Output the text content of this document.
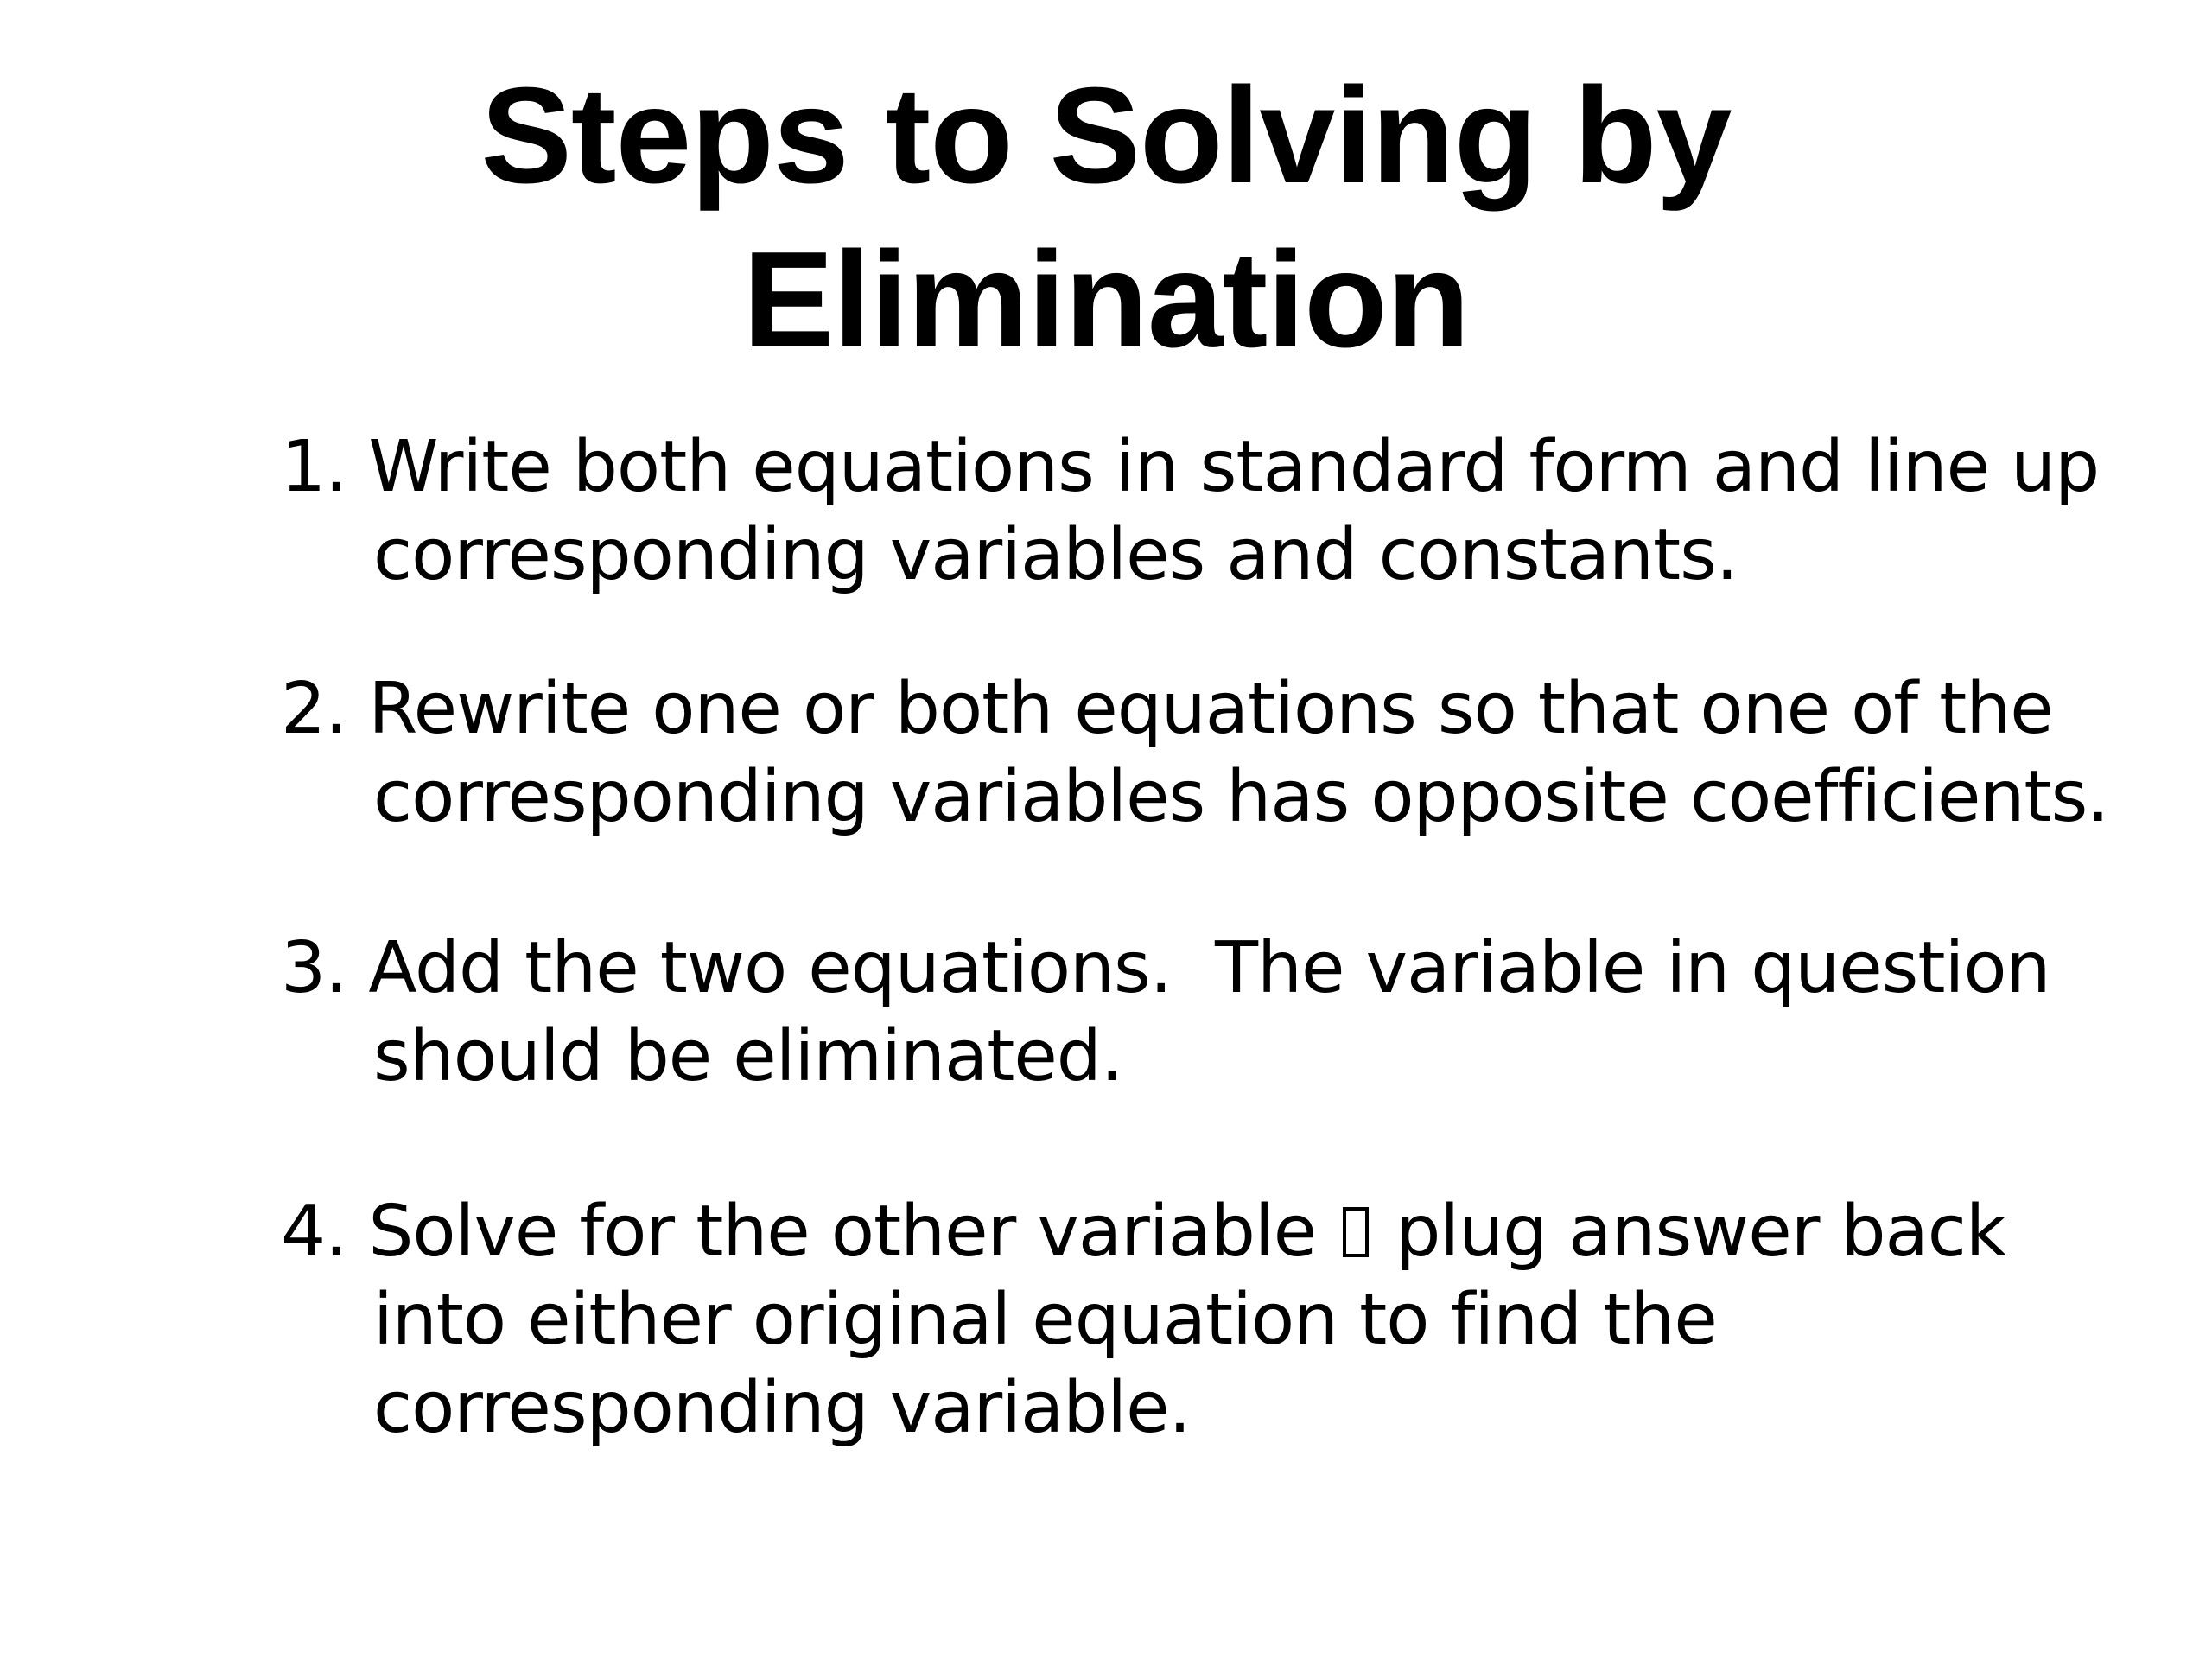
Steps to Solving by
Elimination
1. Write both equations in standard form and line up corresponding variables and constants.
2. Rewrite one or both equations so that one of the corresponding variables has opposite coefficients.
3. Add the two equations.  The variable in question should be eliminated.
4. Solve for the other variable plug answer back into either original equation to find the corresponding variable.
